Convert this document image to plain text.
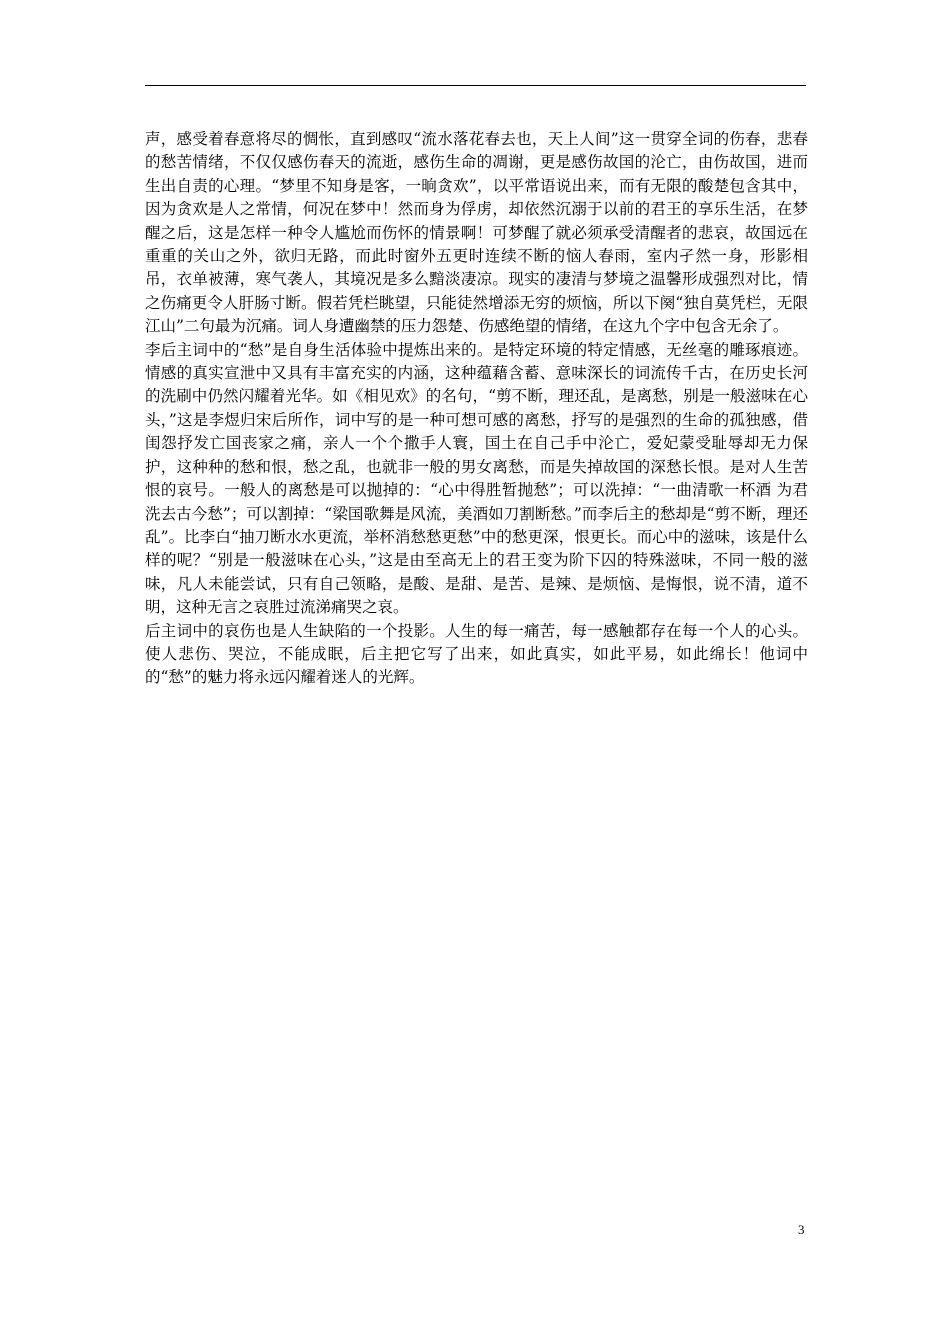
声，感受着春意将尽的惆怅，直到感叹“流水落花春去也，天上人间”这一贯穿全词的伤春，悲春的愁苦情绪，不仅仅感伤春天的流逝，感伤生命的凋谢，更是感伤故国的沦亡，由伤故国，进而生出自责的心理。“梦里不知身是客，一晌贪欢”，以平常语说出来，而有无限的酸楚包含其中，因为贪欢是人之常情，何况在梦中！然而身为俘虏，却依然沉溺于以前的君王的享乐生活，在梦醒之后，这是怎样一种令人尴尬而伤怀的情景啊！可梦醒了就必须承受清醒者的悲哀，故国远在重重的关山之外，欲归无路，而此时窗外五更时连续不断的恼人春雨，室内孑然一身，形影相吊，衣单被薄，寒气袭人，其境况是多么黯淡凄凉。现实的凄清与梦境之温馨形成强烈对比，情之伤痛更令人肝肠寸断。假若凭栏眺望，只能徒然增添无穷的烦恼，所以下阕“独自莫凭栏，无限江山”二句最为沉痛。词人身遭幽禁的压力怨楚、伤感绝望的情绪，在这九个字中包含无余了。

李后主词中的“愁”是自身生活体验中提炼出来的。是特定环境的特定情感，无丝毫的雕琢痕迹。情感的真实宣泄中又具有丰富充实的内涵，这种蕴藉含蓄、意味深长的词流传千古，在历史长河的洗刷中仍然闪耀着光华。如《相见欢》的名句，“剪不断，理还乱，是离愁，别是一般滋味在心头，”这是李煜归宋后所作，词中写的是一种可想可感的离愁，抒写的是强烈的生命的孤独感，借闺怨抒发亡国丧家之痛，亲人一个个撒手人寰，国土在自己手中沦亡，爱妃蒙受耻辱却无力保护，这种种的愁和恨，愁之乱，也就非一般的男女离愁，而是失掉故国的深愁长恨。是对人生苦恨的哀号。一般人的离愁是可以抛掉的：“心中得胜暂抛愁”；可以洗掉：“一曲清歌一杯酒 为君洗去古今愁”；可以割掉：“梁国歌舞是风流，美酒如刀割断愁。”而李后主的愁却是“剪不断，理还乱”。比李白“抽刀断水水更流，举杯消愁愁更愁”中的愁更深，恨更长。而心中的滋味，该是什么样的呢？“别是一般滋味在心头，”这是由至高无上的君王变为阶下囚的特殊滋味，不同一般的滋味，凡人未能尝试，只有自己领略，是酸、是甜、是苦、是辣、是烦恼、是悔恨，说不清，道不明，这种无言之哀胜过流涕痛哭之哀。

后主词中的哀伤也是人生缺陷的一个投影。人生的每一痛苦，每一感触都存在每一个人的心头。使人悲伤、哭泣，不能成眠，后主把它写了出来，如此真实，如此平易，如此绵长！他词中的“愁”的魅力将永远闪耀着迷人的光辉。

3
